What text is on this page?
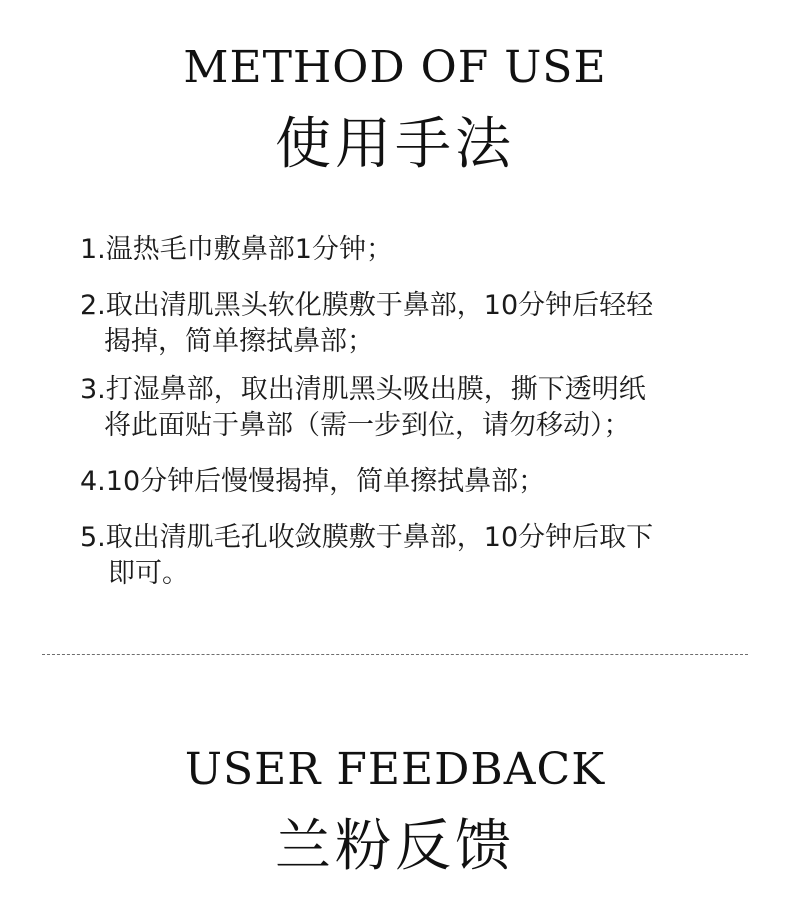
METHOD OF USE
使用手法
1.温热毛巾敷鼻部1分钟；
2.取出清肌黑头软化膜敷于鼻部，10分钟后轻轻
揭掉，简单擦拭鼻部；
3.打湿鼻部，取出清肌黑头吸出膜，撕下透明纸
将此面贴于鼻部（需一步到位，请勿移动）；
4.10分钟后慢慢揭掉，简单擦拭鼻部；
5.取出清肌毛孔收敛膜敷于鼻部，10分钟后取下
即可。
USER FEEDBACK
兰粉反馈
